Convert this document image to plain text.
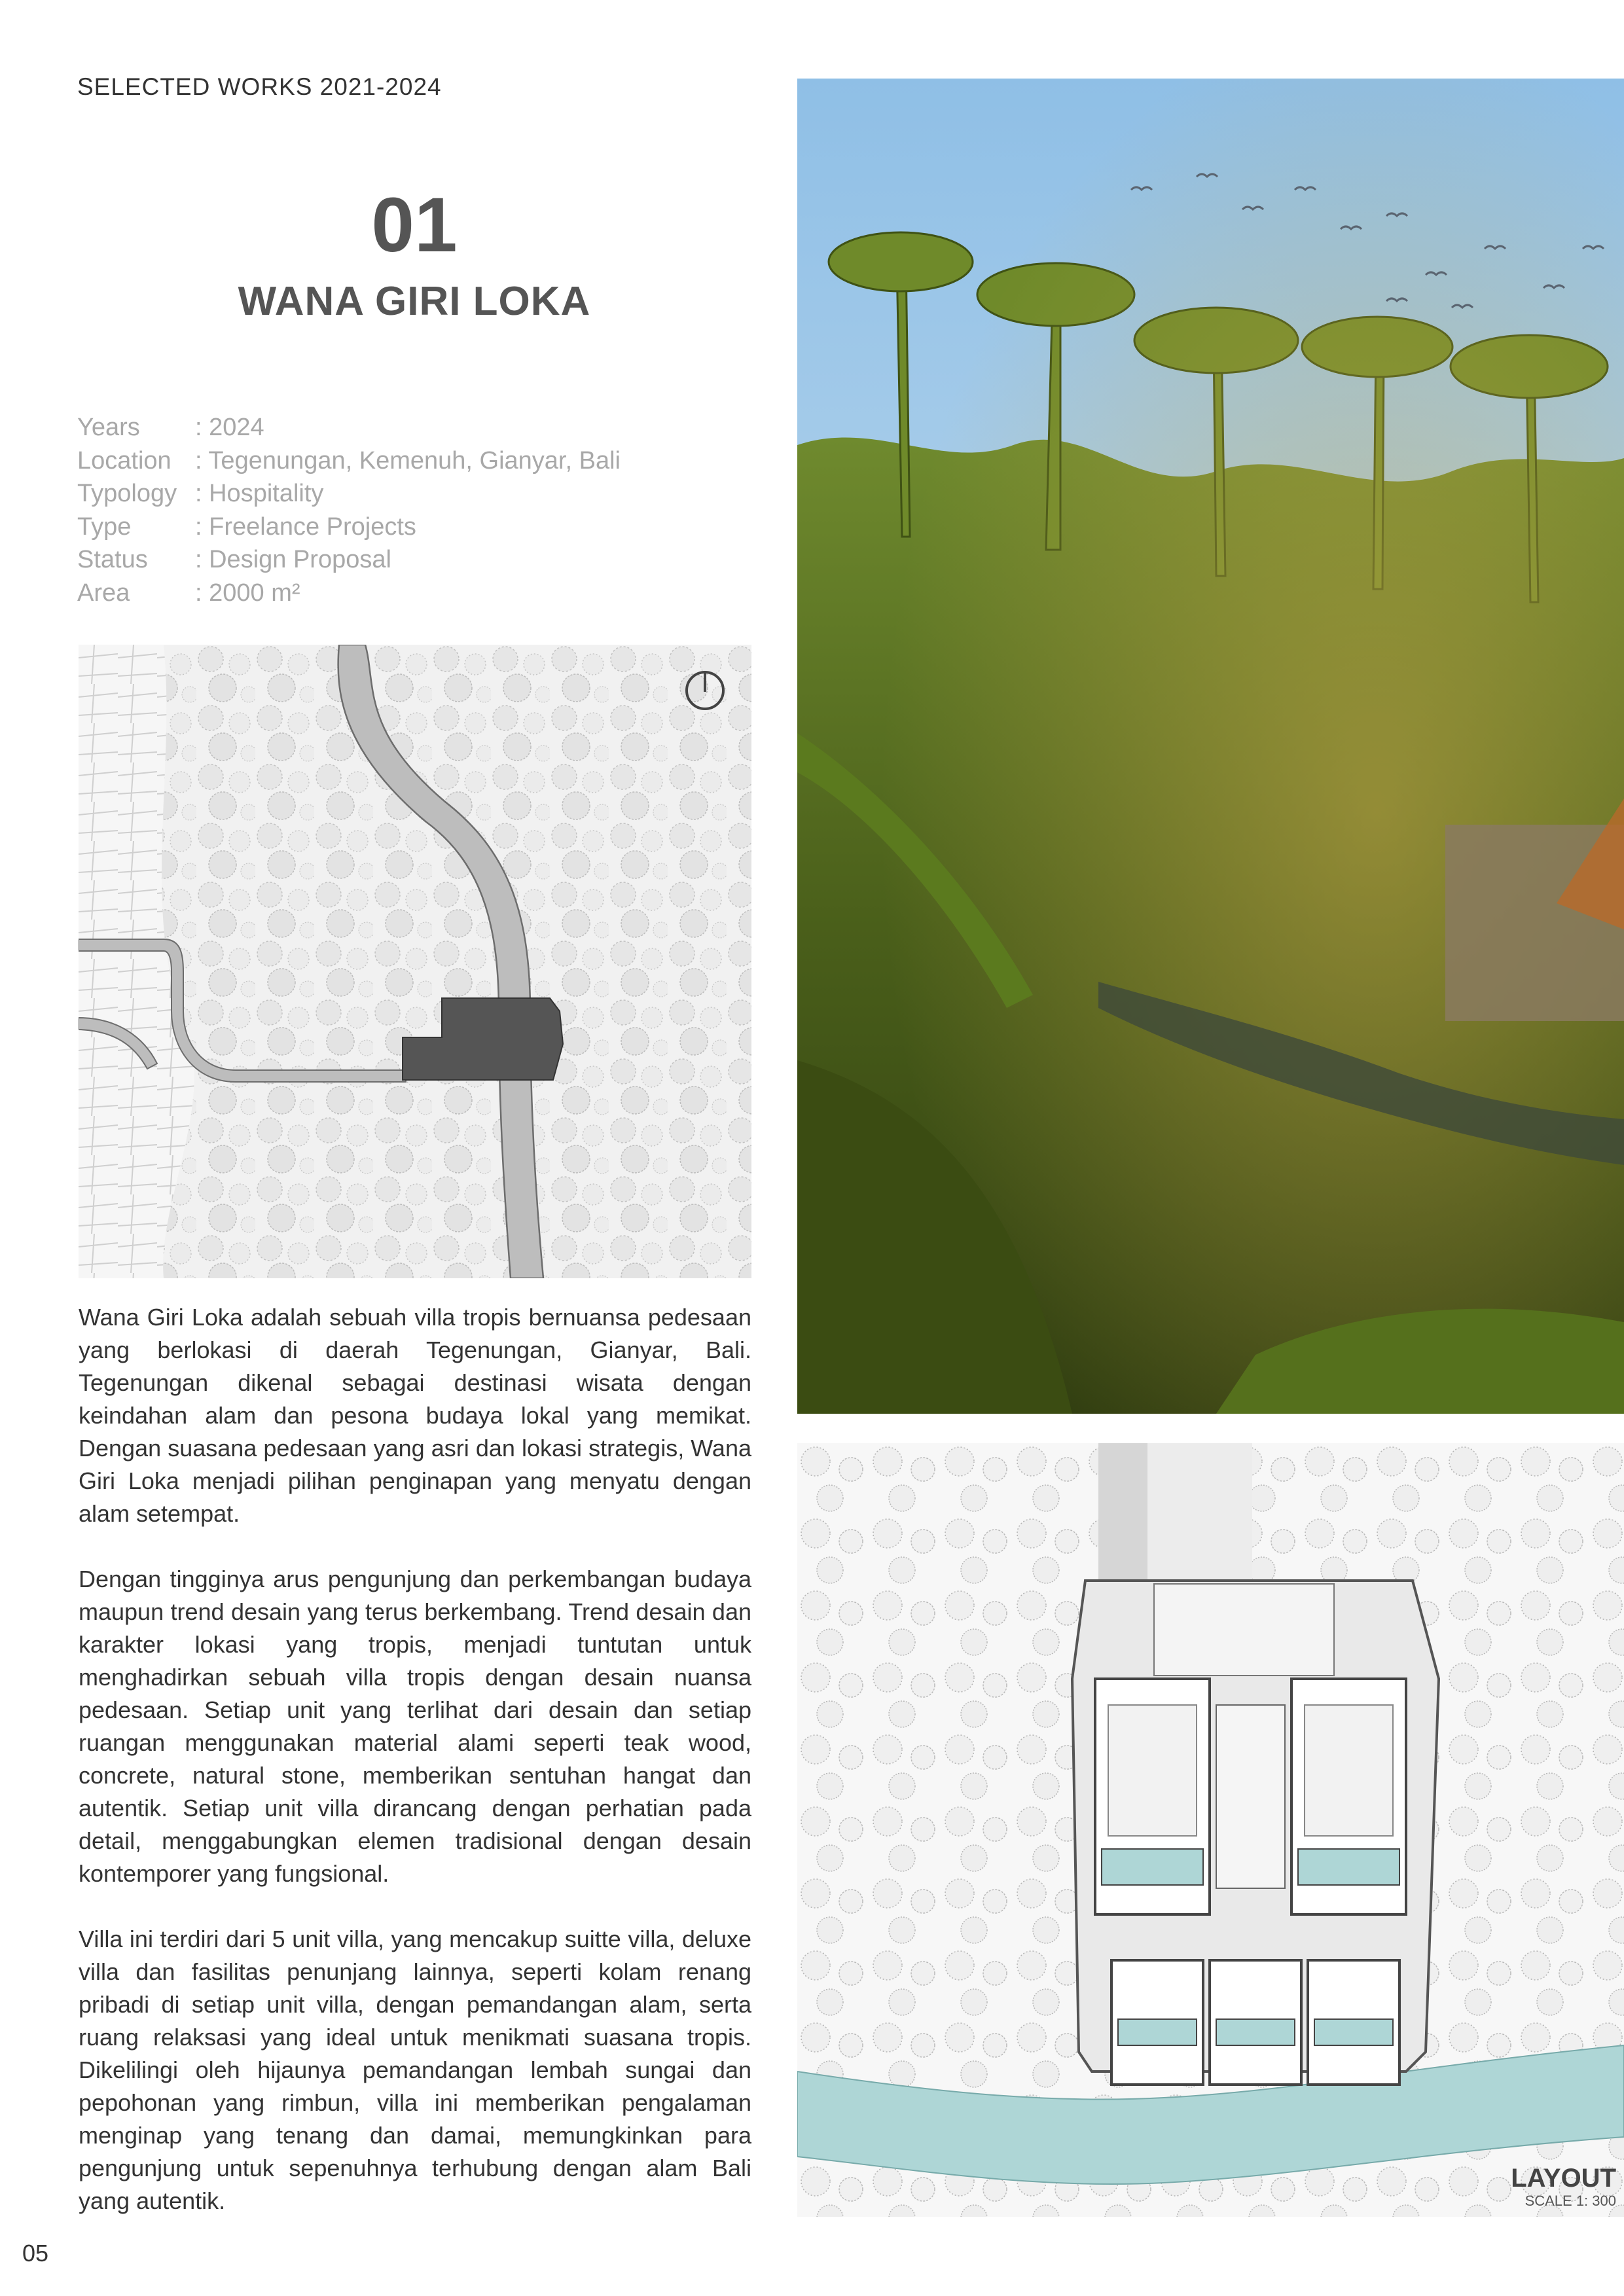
SELECTED WORKS 2021-2024
01
WANA GIRI LOKA
Years	: 2024
Location : Tegenungan, Kemenuh, Gianyar, Bali
Typology : Hospitality
Type	: Freelance Projects
Status	: Design Proposal
Area	: 2000 m²

Wana Giri Loka adalah sebuah villa tropis bernuansa pedesaan yang berlokasi di daerah Tegenungan, Gianyar, Bali. Tegenungan dikenal sebagai destinasi wisata dengan keindahan alam dan pesona budaya lokal yang memikat. Dengan suasana pedesaan yang asri dan lokasi strategis, Wana Giri Loka menjadi pilihan penginapan yang menyatu dengan alam setempat.

Dengan tingginya arus pengunjung dan perkembangan budaya maupun trend desain yang terus berkembang. Trend desain dan karakter lokasi yang tropis, menjadi tuntutan untuk menghadirkan sebuah villa tropis dengan desain nuansa pedesaan. Setiap unit yang terlihat dari desain dan setiap ruangan menggunakan material alami seperti teak wood, concrete, natural stone, memberikan sentuhan hangat dan autentik. Setiap unit villa dirancang dengan perhatian pada detail, menggabungkan elemen tradisional dengan desain kontemporer yang fungsional.

Villa ini terdiri dari 5 unit villa, yang mencakup suitte villa, deluxe villa dan fasilitas penunjang lainnya, seperti kolam renang pribadi di setiap unit villa, dengan pemandangan alam, serta ruang relaksasi yang ideal untuk menikmati suasana tropis. Dikelilingi oleh hijaunya pemandangan lembah sungai dan pepohonan yang rimbun, villa ini memberikan pengalaman menginap yang tenang dan damai, memungkinkan para pengunjung untuk sepenuhnya terhubung dengan alam Bali yang autentik.

LAYOUT
SCALE 1: 300
05
